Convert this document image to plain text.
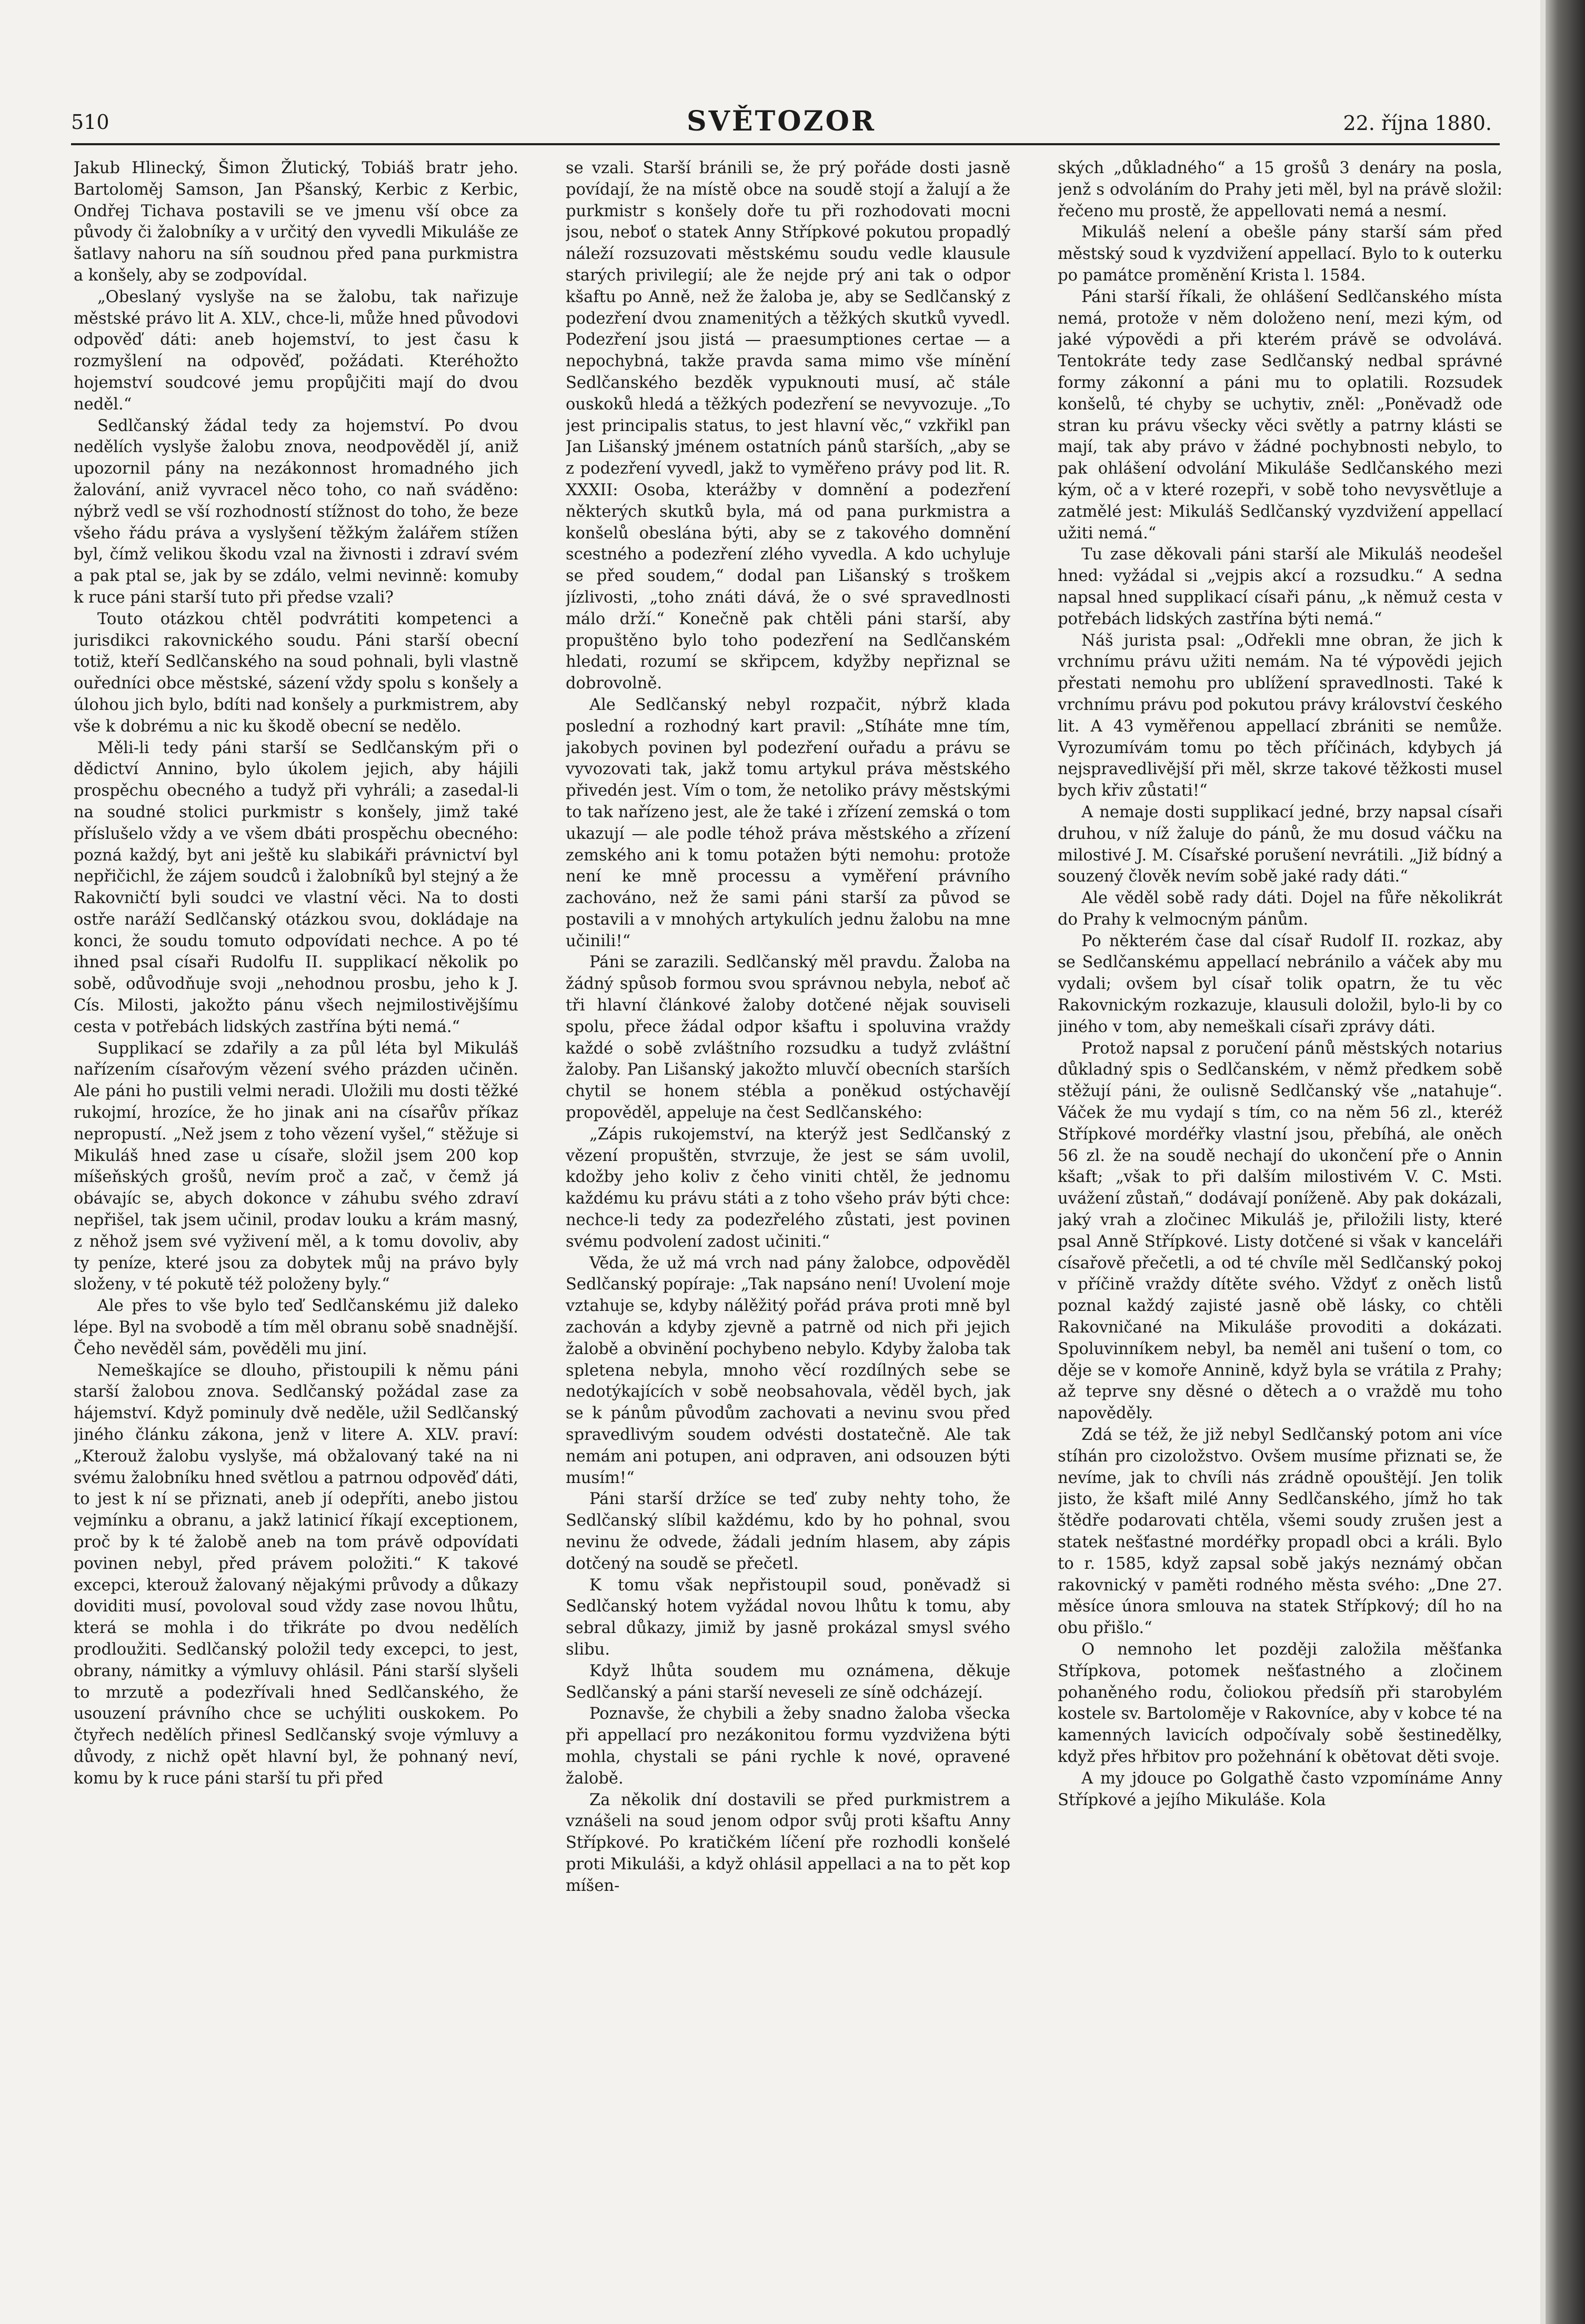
510	SVĚTOZOR	22. října 1880.

Jakub Hlinecký, Šimon Žlutický, Tobiáš bratr jeho. Bartoloměj Samson, Jan Pšanský, Kerbic z Kerbic, Ondřej Tichava postavili se ve jmenu vší obce za původy či žalobníky a v určitý den vyvedli Mikuláše ze šatlavy nahoru na síň soudnou před pana purkmistra a konšely, aby se zodpovídal.

„Obeslaný vyslyše na se žalobu, tak nařizuje městské právo lit A. XLV., chce-li, může hned původovi odpověď dáti: aneb hojemství, to jest času k rozmyšlení na odpověď, požádati. Kteréhožto hojemství soudcové jemu propůjčiti mají do dvou neděl.“

Sedlčanský žádal tedy za hojemství. Po dvou nedělích vyslyše žalobu znova, neodpověděl jí, aniž upozornil pány na nezákonnost hromadného jich žalování, aniž vyvracel něco toho, co naň sváděno: nýbrž vedl se vší rozhodností stížnost do toho, že beze všeho řádu práva a vyslyšení těžkým žalářem stížen byl, čímž velikou škodu vzal na živnosti i zdraví svém a pak ptal se, jak by se zdálo, velmi nevinně: komuby k ruce páni starší tuto při předse vzali?

Touto otázkou chtěl podvrátiti kompetenci a jurisdikci rakovnického soudu. Páni starší obecní totiž, kteří Sedlčanského na soud pohnali, byli vlastně ouředníci obce městské, sázení vždy spolu s konšely a úlohou jich bylo, bdíti nad konšely a purkmistrem, aby vše k dobrému a nic ku škodě obecní se nedělo.

Měli-li tedy páni starší se Sedlčanským při o dědictví Annino, bylo úkolem jejich, aby hájili prospěchu obecného a tudyž při vyhráli; a zasedal-li na soudné stolici purkmistr s konšely, jimž také příslušelo vždy a ve všem dbáti prospěchu obecného: pozná každý, byt ani ještě ku slabikáři právnictví byl nepřičichl, že zájem soudců i žalobníků byl stejný a že Rakovničtí byli soudci ve vlastní věci. Na to dosti ostře naráží Sedlčanský otázkou svou, dokládaje na konci, že soudu tomuto odpovídati nechce. A po té ihned psal císaři Rudolfu II. supplikací několik po sobě, odůvodňuje svoji „nehodnou prosbu, jeho k J. Cís. Milosti, jakožto pánu všech nejmilostivějšímu cesta v potřebách lidských zastřína býti nemá.“

Supplikací se zdařily a za půl léta byl Mikuláš nařízením císařovým vězení svého prázden učiněn. Ale páni ho pustili velmi neradi. Uložili mu dosti těžké rukojmí, hrozíce, že ho jinak ani na císařův příkaz nepropustí. „Než jsem z toho vězení vyšel,“ stěžuje si Mikuláš hned zase u císaře, složil jsem 200 kop míšeňských grošů, nevím proč a zač, v čemž já obávajíc se, abych dokonce v záhubu svého zdraví nepřišel, tak jsem učinil, prodav louku a krám masný, z něhož jsem své vyživení měl, a k tomu dovoliv, aby ty peníze, které jsou za dobytek můj na právo byly složeny, v té pokutě též položeny byly.“

Ale přes to vše bylo teď Sedlčanskému již daleko lépe. Byl na svobodě a tím měl obranu sobě snadnější. Čeho nevěděl sám, pověděli mu jiní.

Nemeškajíce se dlouho, přistoupili k němu páni starší žalobou znova. Sedlčanský požádal zase za hájemství. Když pominuly dvě neděle, užil Sedlčanský jiného článku zákona, jenž v litere A. XLV. praví: „Kterouž žalobu vyslyše, má obžalovaný také na ni svému žalobníku hned světlou a patrnou odpověď dáti, to jest k ní se přiznati, aneb jí odepříti, anebo jistou vejmínku a obranu, a jakž latinicí říkají exceptionem, proč by k té žalobě aneb na tom právě odpovídati povinen nebyl, před právem položiti.“ K takové excepci, kterouž žalovaný nějakými průvody a důkazy doviditi musí, povoloval soud vždy zase novou lhůtu, která se mohla i do třikráte po dvou nedělích prodloužiti. Sedlčanský položil tedy excepci, to jest, obrany, námitky a výmluvy ohlásil. Páni starší slyšeli to mrzutě a podezřívali hned Sedlčanského, že usouzení právního chce se uchýliti ouskokem. Po čtyřech nedělích přinesl Sedlčanský svoje výmluvy a důvody, z nichž opět hlavní byl, že pohnaný neví, komu by k ruce páni starší tu při před

se vzali. Starší bránili se, že prý pořáde dosti jasně povídají, že na místě obce na soudě stojí a žalují a že purkmistr s konšely doře tu při rozhodovati mocni jsou, neboť o statek Anny Střípkové pokutou propadlý náleží rozsuzovati městskému soudu vedle klausule starých privilegií; ale že nejde prý ani tak o odpor kšaftu po Anně, než že žaloba je, aby se Sedlčanský z podezření dvou znamenitých a těžkých skutků vyvedl. Podezření jsou jistá — praesumptiones certae — a nepochybná, takže pravda sama mimo vše mínění Sedlčanského bezděk vypuknouti musí, ač stále ouskoků hledá a těžkých podezření se nevyvozuje. „To jest principalis status, to jest hlavní věc,“ vzkřikl pan Jan Lišanský jménem ostatních pánů starších, „aby se z podezření vyvedl, jakž to vyměřeno právy pod lit. R. XXXII: Osoba, kterážby v domnění a podezření některých skutků byla, má od pana purkmistra a konšelů obeslána býti, aby se z takového domnění scestného a podezření zlého vyvedla. A kdo uchyluje se před soudem,“ dodal pan Lišanský s troškem jízlivosti, „toho znáti dává, že o své spravedlnosti málo drží.“ Konečně pak chtěli páni starší, aby propuštěno bylo toho podezření na Sedlčanském hledati, rozumí se skřipcem, kdyžby nepřiznal se dobrovolně.

Ale Sedlčanský nebyl rozpačit, nýbrž klada poslední a rozhodný kart pravil: „Stíháte mne tím, jakobych povinen byl podezření ouřadu a právu se vyvozovati tak, jakž tomu artykul práva městského přivedén jest. Vím o tom, že netoliko právy městskými to tak nařízeno jest, ale že také i zřízení zemská o tom ukazují — ale podle téhož práva městského a zřízení zemského ani k tomu potažen býti nemohu: protože není ke mně processu a vyměření právního zachováno, než že sami páni starší za původ se postavili a v mnohých artykulích jednu žalobu na mne učinili!“

Páni se zarazili. Sedlčanský měl pravdu. Žaloba na žádný spůsob formou svou správnou nebyla, neboť ač tři hlavní článkové žaloby dotčené nějak souviseli spolu, přece žádal odpor kšaftu i spoluvina vraždy každé o sobě zvláštního rozsudku a tudyž zvláštní žaloby. Pan Lišanský jakožto mluvčí obecních starších chytil se honem stébla a poněkud ostýchavějí propověděl, appeluje na čest Sedlčanského:

„Zápis rukojemství, na kterýž jest Sedlčanský z vězení propuštěn, stvrzuje, že jest se sám uvolil, kdožby jeho koliv z čeho viniti chtěl, že jednomu každému ku právu státi a z toho všeho práv býti chce: nechce-li tedy za podezřelého zůstati, jest povinen svému podvolení zadost učiniti.“

Věda, že už má vrch nad pány žalobce, odpověděl Sedlčanský popíraje: „Tak napsáno není! Uvolení moje vztahuje se, kdyby nálěžitý pořád práva proti mně byl zachován a kdyby zjevně a patrně od nich při jejich žalobě a obvinění pochybeno nebylo. Kdyby žaloba tak spletena nebyla, mnoho věcí rozdílných sebe se nedotýkajících v sobě neobsahovala, věděl bych, jak se k pánům původům zachovati a nevinu svou před spravedlivým soudem odvésti dostatečně. Ale tak nemám ani potupen, ani odpraven, ani odsouzen býti musím!“

Páni starší držíce se teď zuby nehty toho, že Sedlčanský slíbil každému, kdo by ho pohnal, svou nevinu že odvede, žádali jedním hlasem, aby zápis dotčený na soudě se přečetl.

K tomu však nepřistoupil soud, poněvadž si Sedlčanský hotem vyžádal novou lhůtu k tomu, aby sebral důkazy, jimiž by jasně prokázal smysl svého slibu.

Když lhůta soudem mu oznámena, děkuje Sedlčanský a páni starší neveseli ze síně odcházejí.

Poznavše, že chybili a žeby snadno žaloba všecka při appellací pro nezákonitou formu vyzdvižena býti mohla, chystali se páni rychle k nové, opravené žalobě.

Za několik dní dostavili se před purkmistrem a vznášeli na soud jenom odpor svůj proti kšaftu Anny Střípkové. Po kratičkém líčení pře rozhodli konšelé proti Mikuláši, a když ohlásil appellaci a na to pět kop míšen-

ských „důkladného“ a 15 grošů 3 denáry na posla, jenž s odvoláním do Prahy jeti měl, byl na právě složil: řečeno mu prostě, že appellovati nemá a nesmí.

Mikuláš nelení a obešle pány starší sám před městský soud k vyzdvižení appellací. Bylo to k outerku po památce proměnění Krista l. 1584.

Páni starší říkali, že ohlášení Sedlčanského místa nemá, protože v něm doloženo není, mezi kým, od jaké výpovědi a při kterém právě se odvolává. Tentokráte tedy zase Sedlčanský nedbal správné formy zákonní a páni mu to oplatili. Rozsudek konšelů, té chyby se uchytiv, zněl: „Poněvadž ode stran ku právu všecky věci světly a patrny klásti se mají, tak aby právo v žádné pochybnosti nebylo, to pak ohlášení odvolání Mikuláše Sedlčanského mezi kým, oč a v které rozepři, v sobě toho nevysvětluje a zatmělé jest: Mikuláš Sedlčanský vyzdvižení appellací užiti nemá.“

Tu zase děkovali páni starší ale Mikuláš neodešel hned: vyžádal si „vejpis akcí a rozsudku.“ A sedna napsal hned supplikací císaři pánu, „k němuž cesta v potřebách lidských zastřína býti nemá.“

Náš jurista psal: „Odřekli mne obran, že jich k vrchnímu právu užiti nemám. Na té výpovědi jejich přestati nemohu pro ublížení spravedlnosti. Také k vrchnímu právu pod pokutou právy království českého lit. A 43 vyměřenou appellací zbrániti se nemůže. Vyrozumívám tomu po těch příčinách, kdybych já nejspravedlivější při měl, skrze takové těžkosti musel bych křiv zůstati!“

A nemaje dosti supplikací jedné, brzy napsal císaři druhou, v níž žaluje do pánů, že mu dosud váčku na milostivé J. M. Císařské porušení nevrátili. „Již bídný a souzený člověk nevím sobě jaké rady dáti.“

Ale věděl sobě rady dáti. Dojel na fůře několikrát do Prahy k velmocným pánům.

Po některém čase dal císař Rudolf II. rozkaz, aby se Sedlčanskému appellací nebránilo a váček aby mu vydali; ovšem byl císař tolik opatrn, že tu věc Rakovnickým rozkazuje, klausuli doložil, bylo-li by co jiného v tom, aby nemeškali císaři zprávy dáti.

Protož napsal z poručení pánů městských notarius důkladný spis o Sedlčanském, v němž předkem sobě stěžují páni, že oulisně Sedlčanský vše „natahuje“. Váček že mu vydají s tím, co na něm 56 zl., kteréž Střípkové mordéřky vlastní jsou, přebíhá, ale oněch 56 zl. že na soudě nechají do ukončení pře o Annin kšaft; „však to při dalším milostivém V. C. Msti. uvážení zůstaň,“ dodávají poníženě. Aby pak dokázali, jaký vrah a zločinec Mikuláš je, přiložili listy, které psal Anně Střípkové. Listy dotčené si však v kanceláři císařově přečetli, a od té chvíle měl Sedlčanský pokoj v příčině vraždy dítěte svého. Vždyť z oněch listů poznal každý zajisté jasně obě lásky, co chtěli Rakovničané na Mikuláše provoditi a dokázati. Spoluvinníkem nebyl, ba neměl ani tušení o tom, co děje se v komoře Annině, když byla se vrátila z Prahy; až teprve sny děsné o dětech a o vraždě mu toho napověděly.

Zdá se též, že již nebyl Sedlčanský potom ani více stíhán pro cizoložstvo. Ovšem musíme přiznati se, že nevíme, jak to chvíli nás zrádně opouštějí. Jen tolik jisto, že kšaft milé Anny Sedlčanského, jímž ho tak štědře podarovati chtěla, všemi soudy zrušen jest a statek nešťastné mordéřky propadl obci a králi. Bylo to r. 1585, když zapsal sobě jakýs neznámý občan rakovnický v paměti rodného města svého: „Dne 27. měsíce února smlouva na statek Střípkový; díl ho na obu přišlo.“

O nemnoho let později založila měšťanka Střípkova, potomek nešťastného a zločinem pohaněného rodu, čoliokou předsíň při starobylém kostele sv. Bartoloměje v Rakovníce, aby v kobce té na kamenných lavicích odpočívaly sobě šestinedělky, když přes hřbitov pro požehnání k obětovat děti svoje.

A my jdouce po Golgathě často vzpomínáme Anny Střípkové a jejího Mikuláše. Kola
